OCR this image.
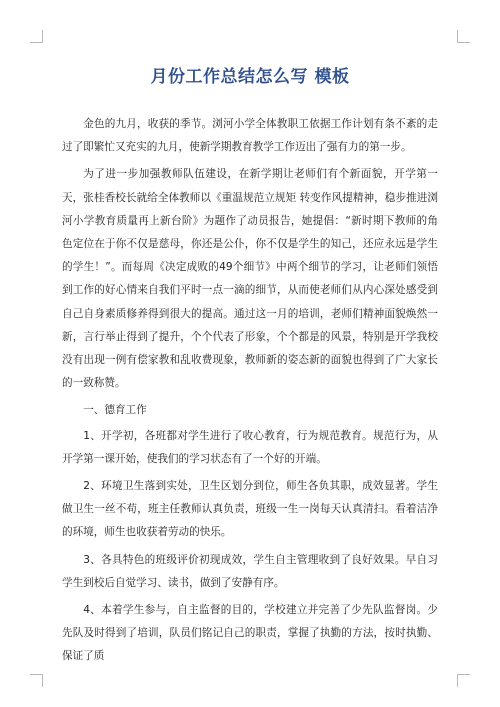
月份工作总结怎么写 模板

金色的九月，收获的季节。浏河小学全体教职工依据工作计划有条不紊的走过了即繁忙又充实的九月，使新学期教育教学工作迈出了强有力的第一步。

为了进一步加强教师队伍建设，在新学期让老师们有个新面貌，开学第一天，张桂香校长就给全体教师以《重温规范立规矩 转变作风提精神，稳步推进浏河小学教育质量再上新台阶》为题作了动员报告，她提倡：“新时期下教师的角色定位在于你不仅是慈母，你还是公仆，你不仅是学生的知己，还应永远是学生的学生！”。而每周《决定成败的49个细节》中两个细节的学习，让老师们领悟到工作的好心情来自我们平时一点一滴的细节，从而使老师们从内心深处感受到自己自身素质修养得到很大的提高。通过这一月的培训，老师们精神面貌焕然一新，言行举止得到了提升，个个代表了形象，个个都是的风景，特别是开学我校没有出现一例有偿家教和乱收费现象，教师新的姿态新的面貌也得到了广大家长的一致称赞。

一、德育工作

1、开学初，各班都对学生进行了收心教育，行为规范教育。规范行为，从开学第一课开始，使我们的学习状态有了一个好的开端。

2、环境卫生落到实处，卫生区划分到位，师生各负其职，成效显著。学生做卫生一丝不苟，班主任教师认真负责，班级一生一岗每天认真清扫。看着洁净的环境，师生也收获着劳动的快乐。

3、各具特色的班级评价初现成效，学生自主管理收到了良好效果。早自习学生到校后自觉学习、读书，做到了安静有序。

4、本着学生参与，自主监督的目的，学校建立并完善了少先队监督岗。少先队及时得到了培训，队员们铭记自己的职责，掌握了执勤的方法，按时执勤、保证了质
